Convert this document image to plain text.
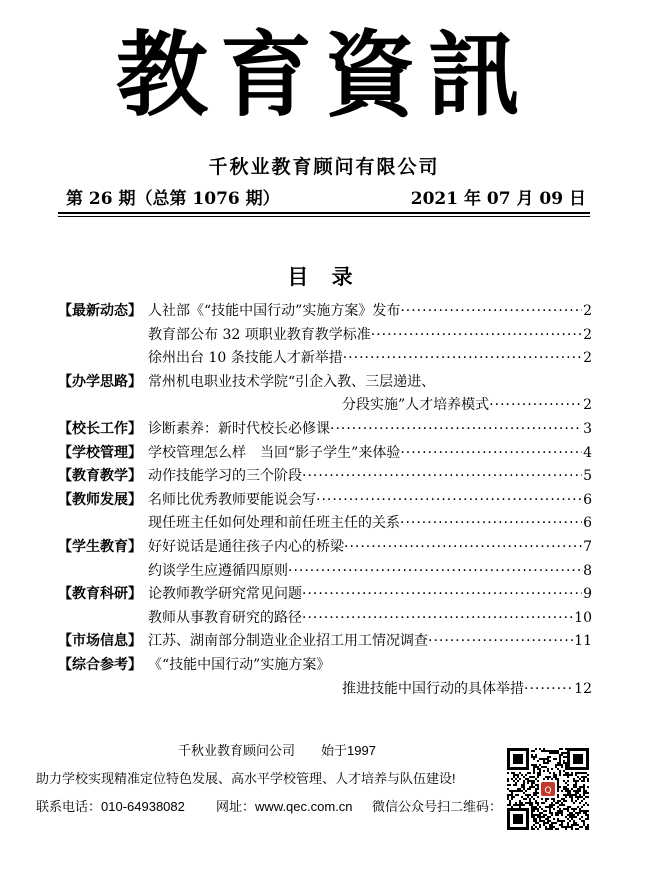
教育資訊
千秋业教育顾问有限公司
第 26 期（总第 1076 期）	2021 年 07 月 09 日
目 录
【最新动态】 人社部《“技能中国行动”实施方案》发布 ·····	2
教育部公布 32 项职业教育教学标准 ·····	2
徐州出台 10 条技能人才新举措 ·····	2
【办学思路】 常州机电职业技术学院“引企入教、三层递进、
分段实施”人才培养模式 ·····	2
【校长工作】 诊断素养：新时代校长必修课 ·····	3
【学校管理】 学校管理怎么样　当回“影子学生”来体验 ·····	4
【教育教学】 动作技能学习的三个阶段 ·····	5
【教师发展】 名师比优秀教师要能说会写 ·····	6
现任班主任如何处理和前任班主任的关系 ·····	6
【学生教育】 好好说话是通往孩子内心的桥梁 ·····	7
约谈学生应遵循四原则 ·····	8
【教育科研】 论教师教学研究常见问题 ·····	9
教师从事教育研究的路径 ·····	10
【市场信息】 江苏、湖南部分制造业企业招工用工情况调查 ·····	11
【综合参考】 《“技能中国行动”实施方案》
推进技能中国行动的具体举措 ·····	12
千秋业教育顾问公司　　始于1997
助力学校实现精准定位特色发展、高水平学校管理、人才培养与队伍建设!
联系电话：010-64938082 网址：www.qec.com.cn 微信公众号扫二维码：
Q
